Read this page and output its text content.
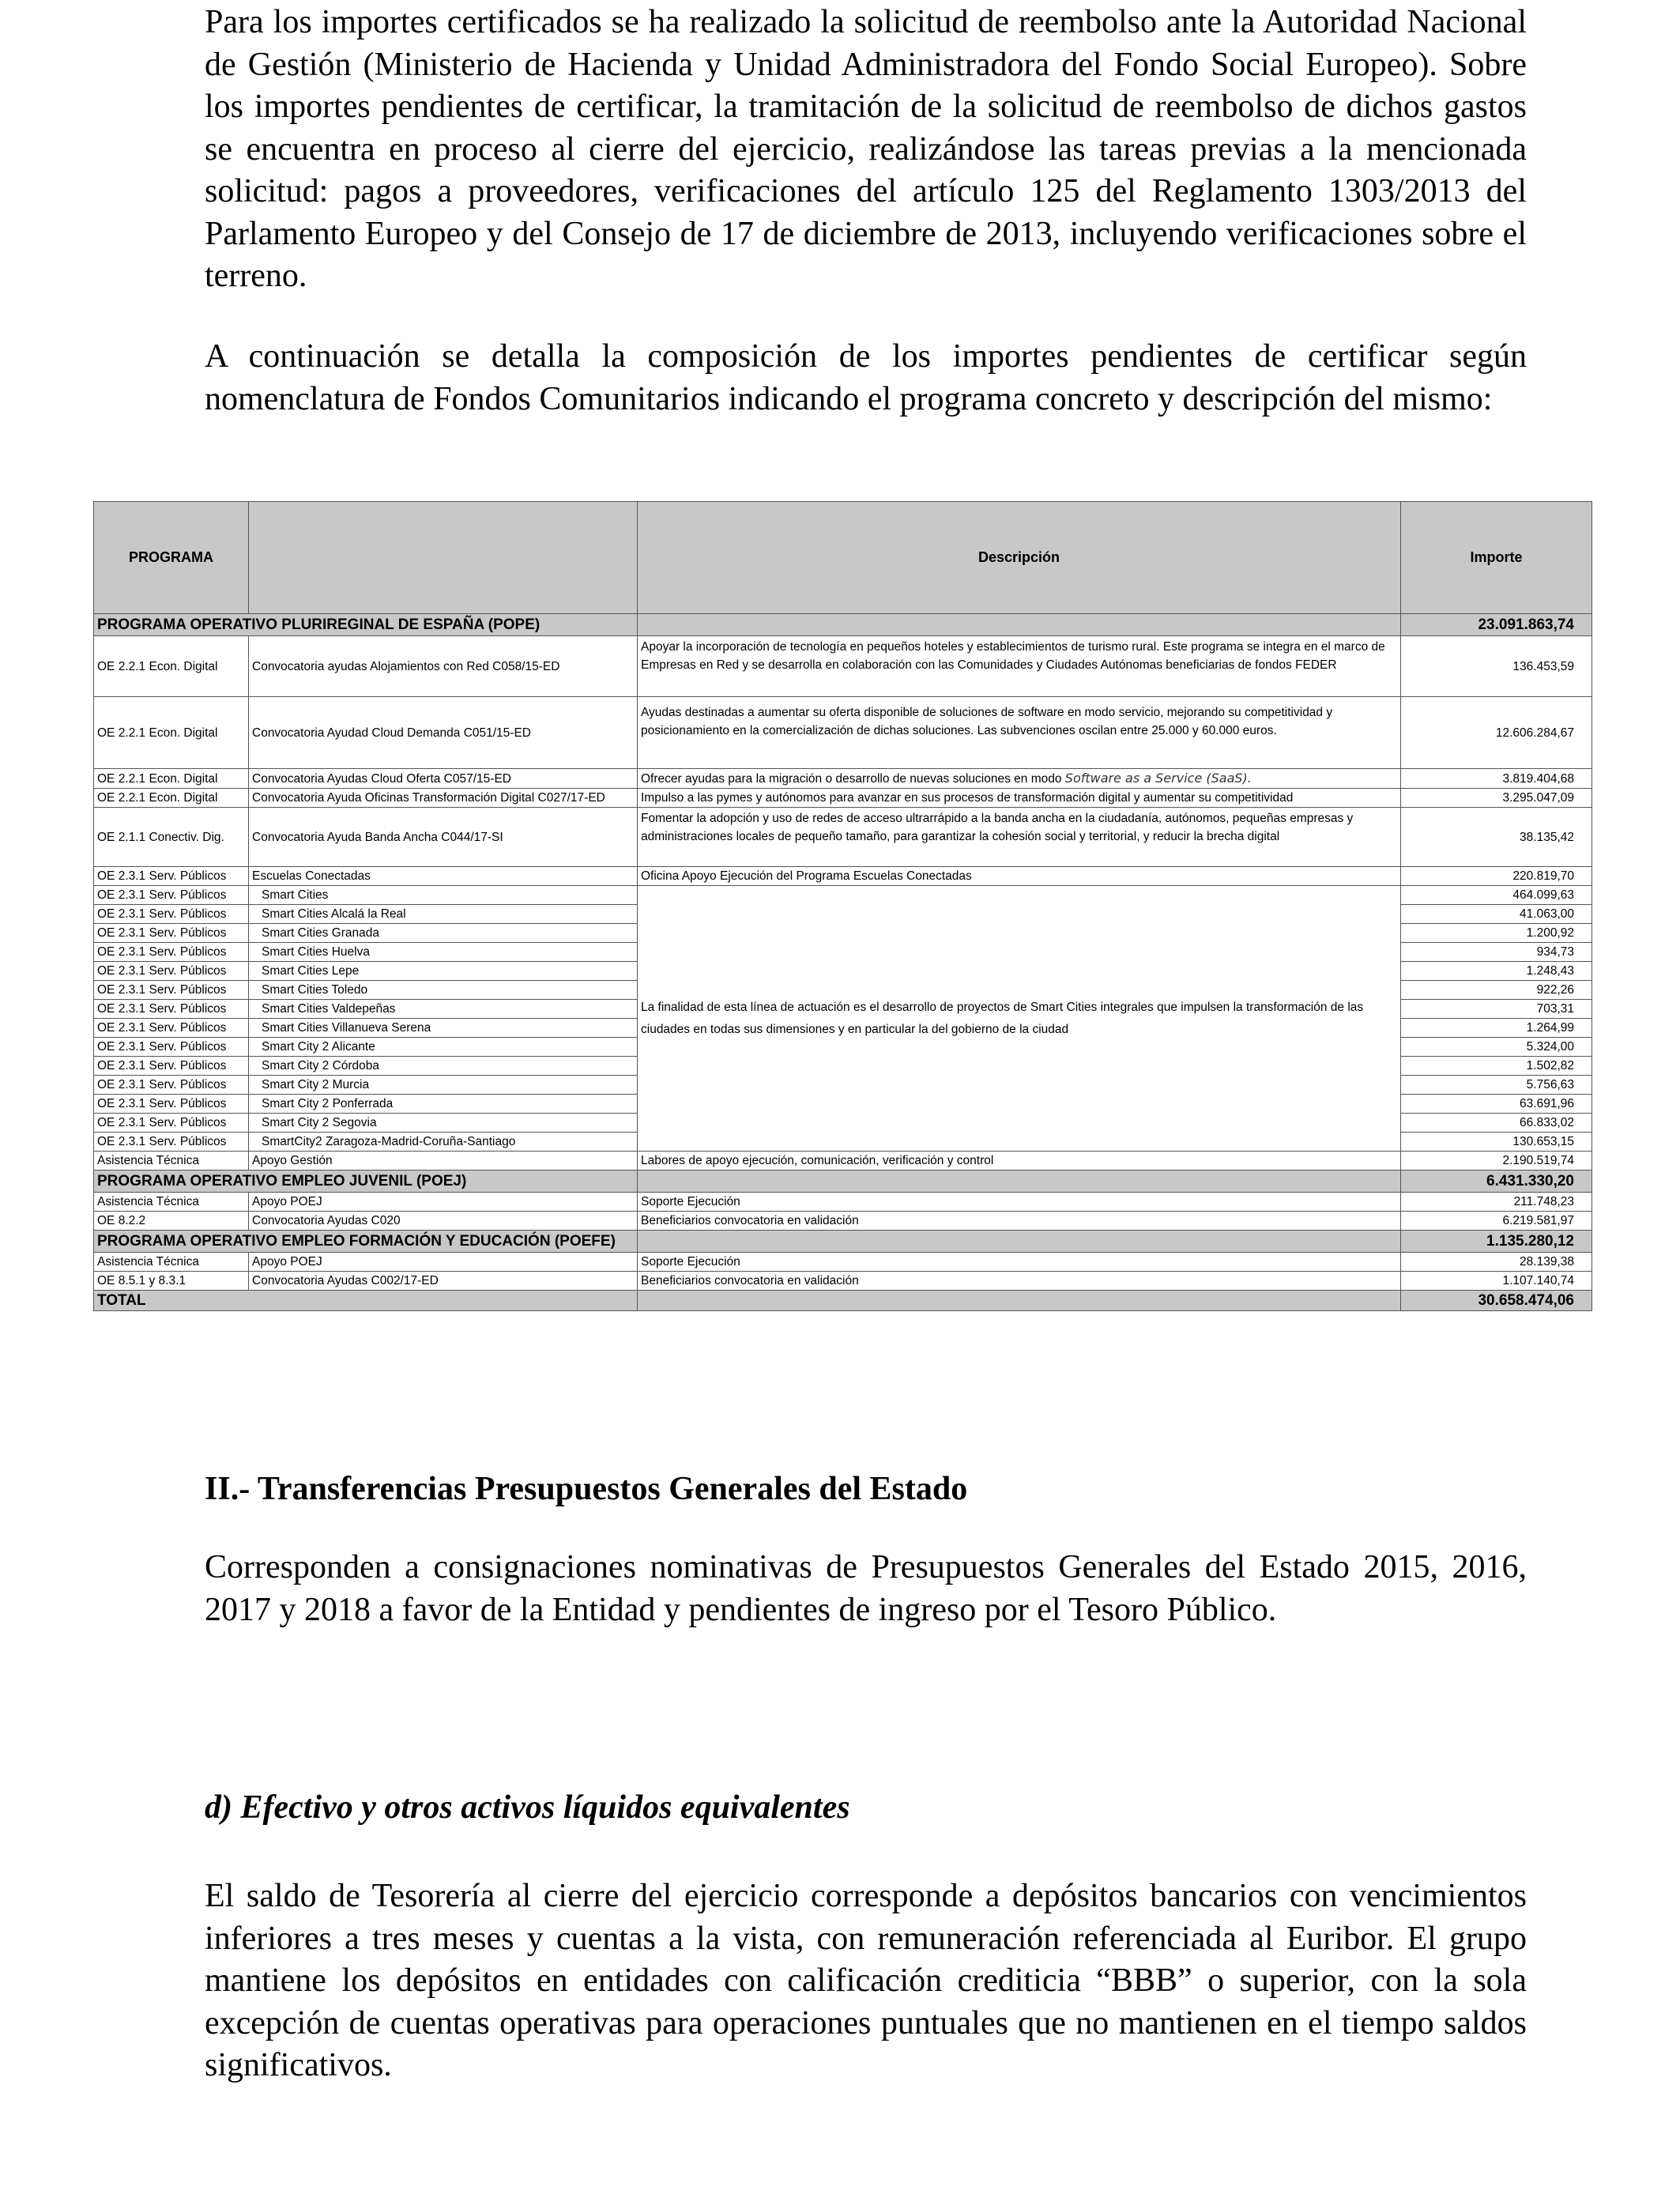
Para los importes certificados se ha realizado la solicitud de reembolso ante la Autoridad Nacional de Gestión (Ministerio de Hacienda y Unidad Administradora del Fondo Social Europeo). Sobre los importes pendientes de certificar, la tramitación de la solicitud de reembolso de dichos gastos se encuentra en proceso al cierre del ejercicio, realizándose las tareas previas a la mencionada solicitud: pagos a proveedores, verificaciones del artículo 125 del Reglamento 1303/2013 del Parlamento Europeo y del Consejo de 17 de diciembre de 2013, incluyendo verificaciones sobre el terreno.

A continuación se detalla la composición de los importes pendientes de certificar según nomenclatura de Fondos Comunitarios indicando el programa concreto y descripción del mismo:

PROGRAMA		Descripción	Importe
PROGRAMA OPERATIVO PLURIREGINAL DE ESPAÑA (POPE)			23.091.863,74
OE 2.2.1 Econ. Digital	Convocatoria ayudas Alojamientos con Red C058/15-ED	Apoyar la incorporación de tecnología en pequeños hoteles y establecimientos de turismo rural. Este programa se integra en el marco de Empresas en Red y se desarrolla en colaboración con las Comunidades y Ciudades Autónomas beneficiarias de fondos FEDER	136.453,59
OE 2.2.1 Econ. Digital	Convocatoria Ayudad Cloud Demanda C051/15-ED	Ayudas destinadas a aumentar su oferta disponible de soluciones de software en modo servicio, mejorando su competitividad y posicionamiento en la comercialización de dichas soluciones. Las subvenciones oscilan entre 25.000 y 60.000 euros.	12.606.284,67
OE 2.2.1 Econ. Digital	Convocatoria Ayudas Cloud Oferta C057/15-ED	Ofrecer ayudas para la migración o desarrollo de nuevas soluciones en modo Software as a Service (SaaS).	3.819.404,68
OE 2.2.1 Econ. Digital	Convocatoria Ayuda Oficinas Transformación Digital C027/17-ED	Impulso a las pymes y autónomos para avanzar en sus procesos de transformación digital y aumentar su competitividad	3.295.047,09
OE 2.1.1 Conectiv. Dig.	Convocatoria Ayuda Banda Ancha C044/17-SI	Fomentar la adopción y uso de redes de acceso ultrarrápido a la banda ancha en la ciudadanía, autónomos, pequeñas empresas y administraciones locales de pequeño tamaño, para garantizar la cohesión social y territorial, y reducir la brecha digital	38.135,42
OE 2.3.1 Serv. Públicos	Escuelas Conectadas	Oficina Apoyo Ejecución del Programa Escuelas Conectadas	220.819,70
OE 2.3.1 Serv. Públicos	Smart Cities	La finalidad de esta línea de actuación es el desarrollo de proyectos de Smart Cities integrales que impulsen la transformación de las ciudades en todas sus dimensiones y en particular la del gobierno de la ciudad	464.099,63
OE 2.3.1 Serv. Públicos	Smart Cities Alcalá la Real		41.063,00
OE 2.3.1 Serv. Públicos	Smart Cities Granada		1.200,92
OE 2.3.1 Serv. Públicos	Smart Cities Huelva		934,73
OE 2.3.1 Serv. Públicos	Smart Cities Lepe		1.248,43
OE 2.3.1 Serv. Públicos	Smart Cities Toledo		922,26
OE 2.3.1 Serv. Públicos	Smart Cities Valdepeñas		703,31
OE 2.3.1 Serv. Públicos	Smart Cities Villanueva Serena		1.264,99
OE 2.3.1 Serv. Públicos	Smart City 2 Alicante		5.324,00
OE 2.3.1 Serv. Públicos	Smart City 2 Córdoba		1.502,82
OE 2.3.1 Serv. Públicos	Smart City 2 Murcia		5.756,63
OE 2.3.1 Serv. Públicos	Smart City 2 Ponferrada		63.691,96
OE 2.3.1 Serv. Públicos	Smart City 2 Segovia		66.833,02
OE 2.3.1 Serv. Públicos	SmartCity2 Zaragoza-Madrid-Coruña-Santiago		130.653,15
Asistencia Técnica	Apoyo Gestión	Labores de apoyo ejecución, comunicación, verificación y control	2.190.519,74
PROGRAMA OPERATIVO EMPLEO JUVENIL (POEJ)			6.431.330,20
Asistencia Técnica	Apoyo POEJ	Soporte Ejecución	211.748,23
OE 8.2.2	Convocatoria Ayudas C020	Beneficiarios convocatoria en validación	6.219.581,97
PROGRAMA OPERATIVO EMPLEO FORMACIÓN Y EDUCACIÓN (POEFE)			1.135.280,12
Asistencia Técnica	Apoyo POEJ	Soporte Ejecución	28.139,38
OE 8.5.1 y 8.3.1	Convocatoria Ayudas C002/17-ED	Beneficiarios convocatoria en validación	1.107.140,74
TOTAL			30.658.474,06
II.- Transferencias Presupuestos Generales del Estado

Corresponden a consignaciones nominativas de Presupuestos Generales del Estado 2015, 2016, 2017 y 2018 a favor de la Entidad y pendientes de ingreso por el Tesoro Público.

d) Efectivo y otros activos líquidos equivalentes

El saldo de Tesorería al cierre del ejercicio corresponde a depósitos bancarios con vencimientos inferiores a tres meses y cuentas a la vista, con remuneración referenciada al Euribor. El grupo mantiene los depósitos en entidades con calificación crediticia “BBB” o superior, con la sola excepción de cuentas operativas para operaciones puntuales que no mantienen en el tiempo saldos significativos.
